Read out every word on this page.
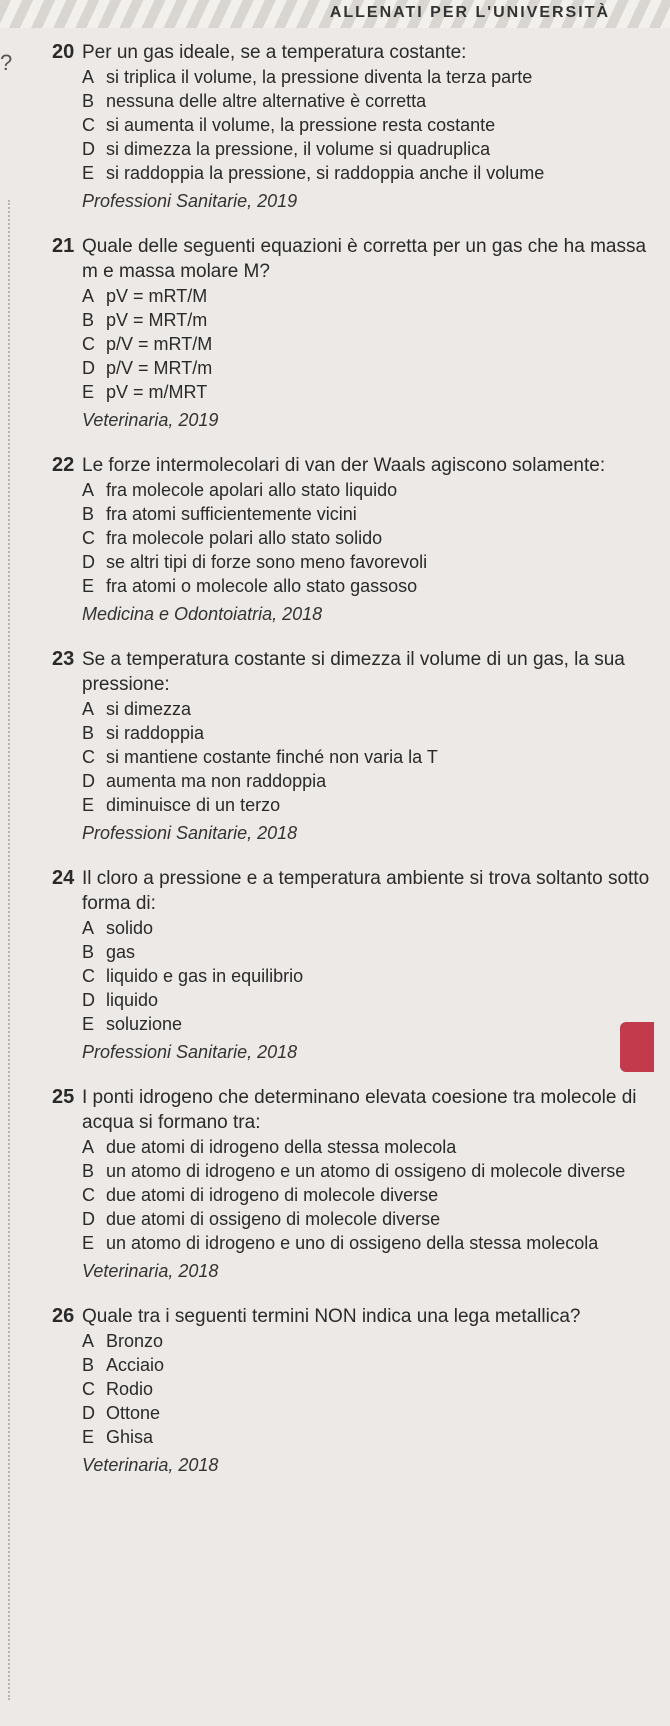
ALLENATI PER L'UNIVERSITÀ
? 20 Per un gas ideale, se a temperatura costante:
A si triplica il volume, la pressione diventa la terza parte
B nessuna delle altre alternative è corretta
C si aumenta il volume, la pressione resta costante
D si dimezza la pressione, il volume si quadruplica
E si raddoppia la pressione, si raddoppia anche il volume
Professioni Sanitarie, 2019
21 Quale delle seguenti equazioni è corretta per un gas che ha massa m e massa molare M?
A pV = mRT/M
B pV = MRT/m
C p/V = mRT/M
D p/V = MRT/m
E pV = m/MRT
Veterinaria, 2019
22 Le forze intermolecolari di van der Waals agiscono solamente:
A fra molecole apolari allo stato liquido
B fra atomi sufficientemente vicini
C fra molecole polari allo stato solido
D se altri tipi di forze sono meno favorevoli
E fra atomi o molecole allo stato gassoso
Medicina e Odontoiatria, 2018
23 Se a temperatura costante si dimezza il volume di un gas, la sua pressione:
A si dimezza
B si raddoppia
C si mantiene costante finché non varia la T
D aumenta ma non raddoppia
E diminuisce di un terzo
Professioni Sanitarie, 2018
24 Il cloro a pressione e a temperatura ambiente si trova soltanto sotto forma di:
A solido
B gas
C liquido e gas in equilibrio
D liquido
E soluzione
Professioni Sanitarie, 2018
25 I ponti idrogeno che determinano elevata coesione tra molecole di acqua si formano tra:
A due atomi di idrogeno della stessa molecola
B un atomo di idrogeno e un atomo di ossigeno di molecole diverse
C due atomi di idrogeno di molecole diverse
D due atomi di ossigeno di molecole diverse
E un atomo di idrogeno e uno di ossigeno della stessa molecola
Veterinaria, 2018
26 Quale tra i seguenti termini NON indica una lega metallica?
A Bronzo
B Acciaio
C Rodio
D Ottone
E Ghisa
Veterinaria, 2018
